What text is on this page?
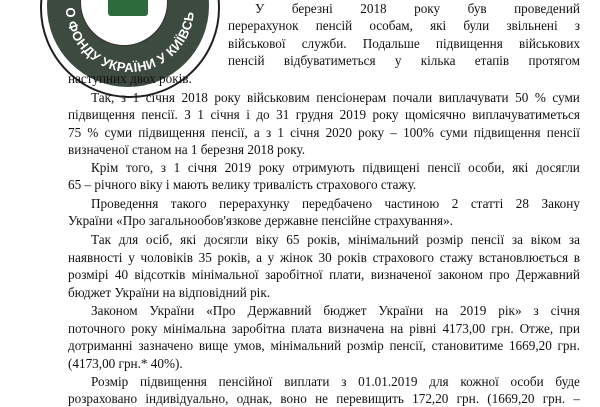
О ФОНДУ УКРАЇНИ У КИЇВСЬ
У березні 2018 року був проведений
перерахунок пенсій особам, які були звільнені з
військової служби. Подальше підвищення військових
пенсій відбуватиметься у кілька етапів протягом
наступних двох років.
Так, з 1 січня 2018 року військовим пенсіонерам почали виплачувати 50 % суми
підвищення пенсії. З 1 січня і до 31 грудня 2019 року щомісячно виплачуватиметься
75 % суми підвищення пенсії, а з 1 січня 2020 року – 100% суми підвищення пенсії
визначеної станом на 1 березня 2018 року.
Крім того, з 1 січня 2019 року отримують підвищені пенсії особи, які досягли
65 – річного віку і мають велику тривалість страхового стажу.
Проведення такого перерахунку передбачено частиною 2 статті 28 Закону
України «Про загальнообов'язкове державне пенсійне страхування».
Так для осіб, які досягли віку 65 років, мінімальний розмір пенсії за віком за
наявності у чоловіків 35 років, а у жінок 30 років страхового стажу встановлюється в
розмірі 40 відсотків мінімальної заробітної плати, визначеної законом про Державний
бюджет України на відповідний рік.
Законом України «Про Державний бюджет України на 2019 рік» з січня
поточного року мінімальна заробітна плата визначена на рівні 4173,00 грн. Отже, при
дотриманні зазначено вище умов, мінімальний розмір пенсії, становитиме 1669,20 грн.
(4173,00 грн.* 40%).
Розмір підвищення пенсійної виплати з 01.01.2019 для кожної особи буде
розраховано індивідуально, однак, воно не перевищить 172,20 грн. (1669,20 грн. –
